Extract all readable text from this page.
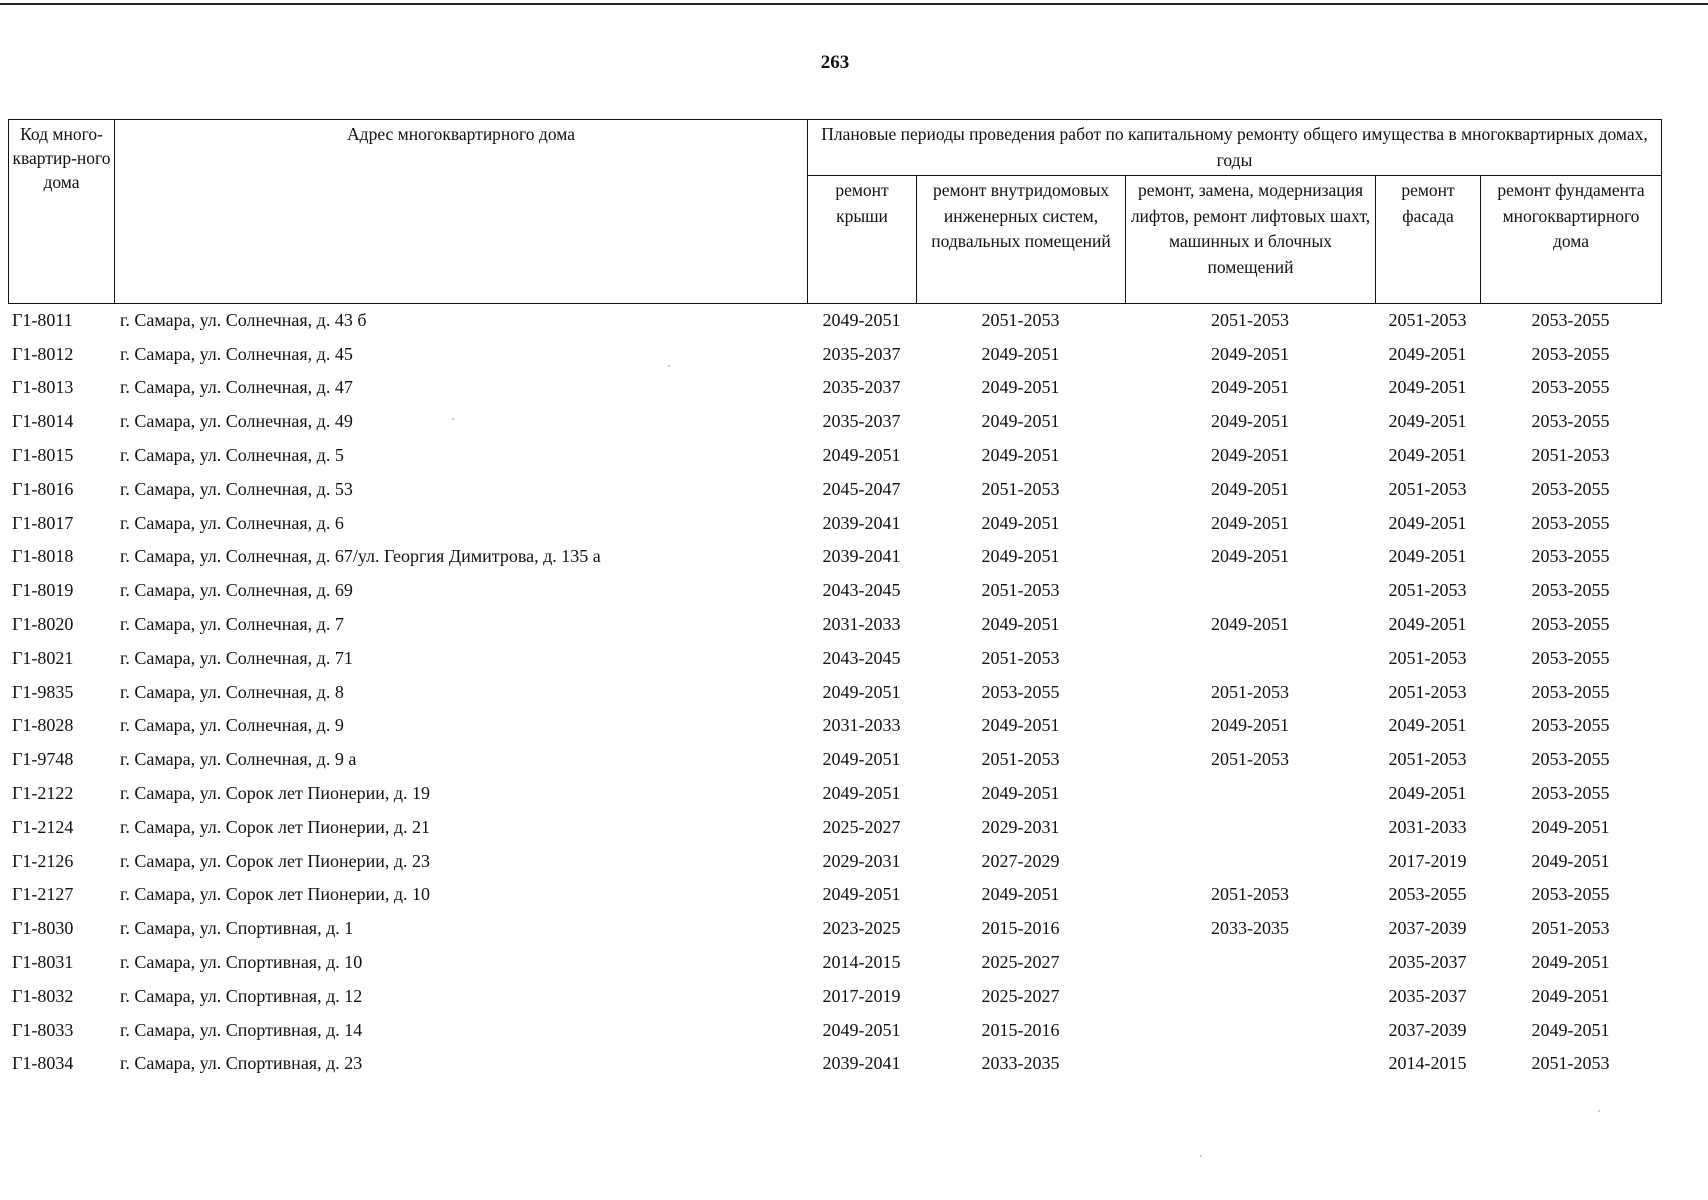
263
Код много-квартир-ного дома	Адрес многоквартирного дома	Плановые периоды проведения работ по капитальному ремонту общего имущества в многоквартирных домах, годы				
		ремонт крыши	ремонт внутридомовых инженерных систем, подвальных помещений	ремонт, замена, модернизация лифтов, ремонт лифтовых шахт, машинных и блочных помещений	ремонт фасада	ремонт фундамента многоквартирного дома
Г1-8011	г. Самара, ул. Солнечная, д. 43 б	2049-2051	2051-2053	2051-2053	2051-2053	2053-2055
Г1-8012	г. Самара, ул. Солнечная, д. 45	2035-2037	2049-2051	2049-2051	2049-2051	2053-2055
Г1-8013	г. Самара, ул. Солнечная, д. 47	2035-2037	2049-2051	2049-2051	2049-2051	2053-2055
Г1-8014	г. Самара, ул. Солнечная, д. 49	2035-2037	2049-2051	2049-2051	2049-2051	2053-2055
Г1-8015	г. Самара, ул. Солнечная, д. 5	2049-2051	2049-2051	2049-2051	2049-2051	2051-2053
Г1-8016	г. Самара, ул. Солнечная, д. 53	2045-2047	2051-2053	2049-2051	2051-2053	2053-2055
Г1-8017	г. Самара, ул. Солнечная, д. 6	2039-2041	2049-2051	2049-2051	2049-2051	2053-2055
Г1-8018	г. Самара, ул. Солнечная, д. 67/ул. Георгия Димитрова, д. 135 а	2039-2041	2049-2051	2049-2051	2049-2051	2053-2055
Г1-8019	г. Самара, ул. Солнечная, д. 69	2043-2045	2051-2053		2051-2053	2053-2055
Г1-8020	г. Самара, ул. Солнечная, д. 7	2031-2033	2049-2051	2049-2051	2049-2051	2053-2055
Г1-8021	г. Самара, ул. Солнечная, д. 71	2043-2045	2051-2053		2051-2053	2053-2055
Г1-9835	г. Самара, ул. Солнечная, д. 8	2049-2051	2053-2055	2051-2053	2051-2053	2053-2055
Г1-8028	г. Самара, ул. Солнечная, д. 9	2031-2033	2049-2051	2049-2051	2049-2051	2053-2055
Г1-9748	г. Самара, ул. Солнечная, д. 9 а	2049-2051	2051-2053	2051-2053	2051-2053	2053-2055
Г1-2122	г. Самара, ул. Сорок лет Пионерии, д. 19	2049-2051	2049-2051		2049-2051	2053-2055
Г1-2124	г. Самара, ул. Сорок лет Пионерии, д. 21	2025-2027	2029-2031		2031-2033	2049-2051
Г1-2126	г. Самара, ул. Сорок лет Пионерии, д. 23	2029-2031	2027-2029		2017-2019	2049-2051
Г1-2127	г. Самара, ул. Сорок лет Пионерии, д. 10	2049-2051	2049-2051	2051-2053	2053-2055	2053-2055
Г1-8030	г. Самара, ул. Спортивная, д. 1	2023-2025	2015-2016	2033-2035	2037-2039	2051-2053
Г1-8031	г. Самара, ул. Спортивная, д. 10	2014-2015	2025-2027		2035-2037	2049-2051
Г1-8032	г. Самара, ул. Спортивная, д. 12	2017-2019	2025-2027		2035-2037	2049-2051
Г1-8033	г. Самара, ул. Спортивная, д. 14	2049-2051	2015-2016		2037-2039	2049-2051
Г1-8034	г. Самара, ул. Спортивная, д. 23	2039-2041	2033-2035		2014-2015	2051-2053
